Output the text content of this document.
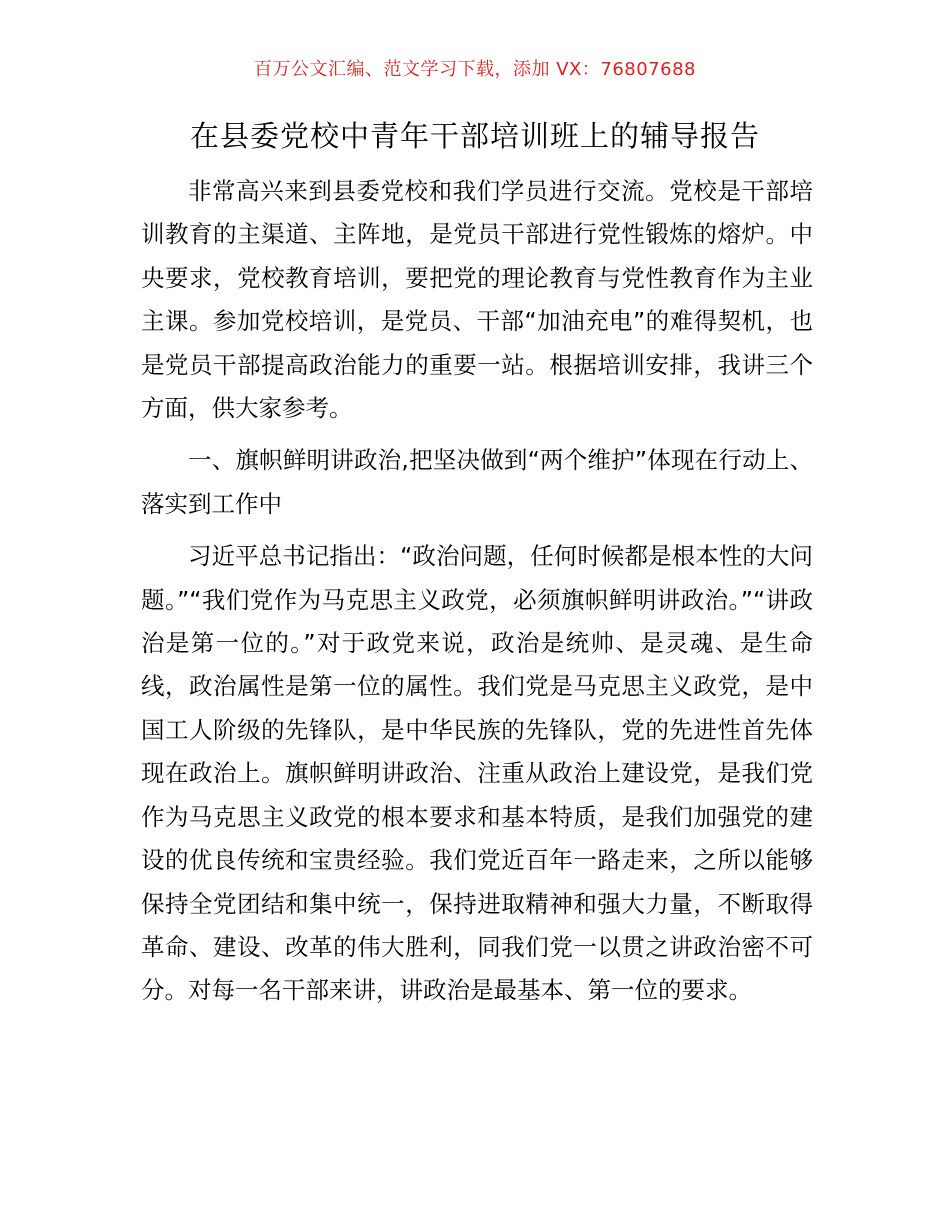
百万公文汇编、范文学习下载，添加 VX：76807688
在县委党校中青年干部培训班上的辅导报告

非常高兴来到县委党校和我们学员进行交流。党校是干部培训教育的主渠道、主阵地，是党员干部进行党性锻炼的熔炉。中央要求，党校教育培训，要把党的理论教育与党性教育作为主业主课。参加党校培训，是党员、干部“加油充电”的难得契机，也是党员干部提高政治能力的重要一站。根据培训安排，我讲三个方面，供大家参考。

一、旗帜鲜明讲政治,把坚决做到“两个维护”体现在行动上、落实到工作中

习近平总书记指出：“政治问题，任何时候都是根本性的大问题。”“我们党作为马克思主义政党，必须旗帜鲜明讲政治。”“讲政治是第一位的。”对于政党来说，政治是统帅、是灵魂、是生命线，政治属性是第一位的属性。我们党是马克思主义政党，是中国工人阶级的先锋队，是中华民族的先锋队，党的先进性首先体现在政治上。旗帜鲜明讲政治、注重从政治上建设党，是我们党作为马克思主义政党的根本要求和基本特质，是我们加强党的建设的优良传统和宝贵经验。我们党近百年一路走来，之所以能够保持全党团结和集中统一，保持进取精神和强大力量，不断取得革命、建设、改革的伟大胜利，同我们党一以贯之讲政治密不可分。对每一名干部来讲，讲政治是最基本、第一位的要求。
